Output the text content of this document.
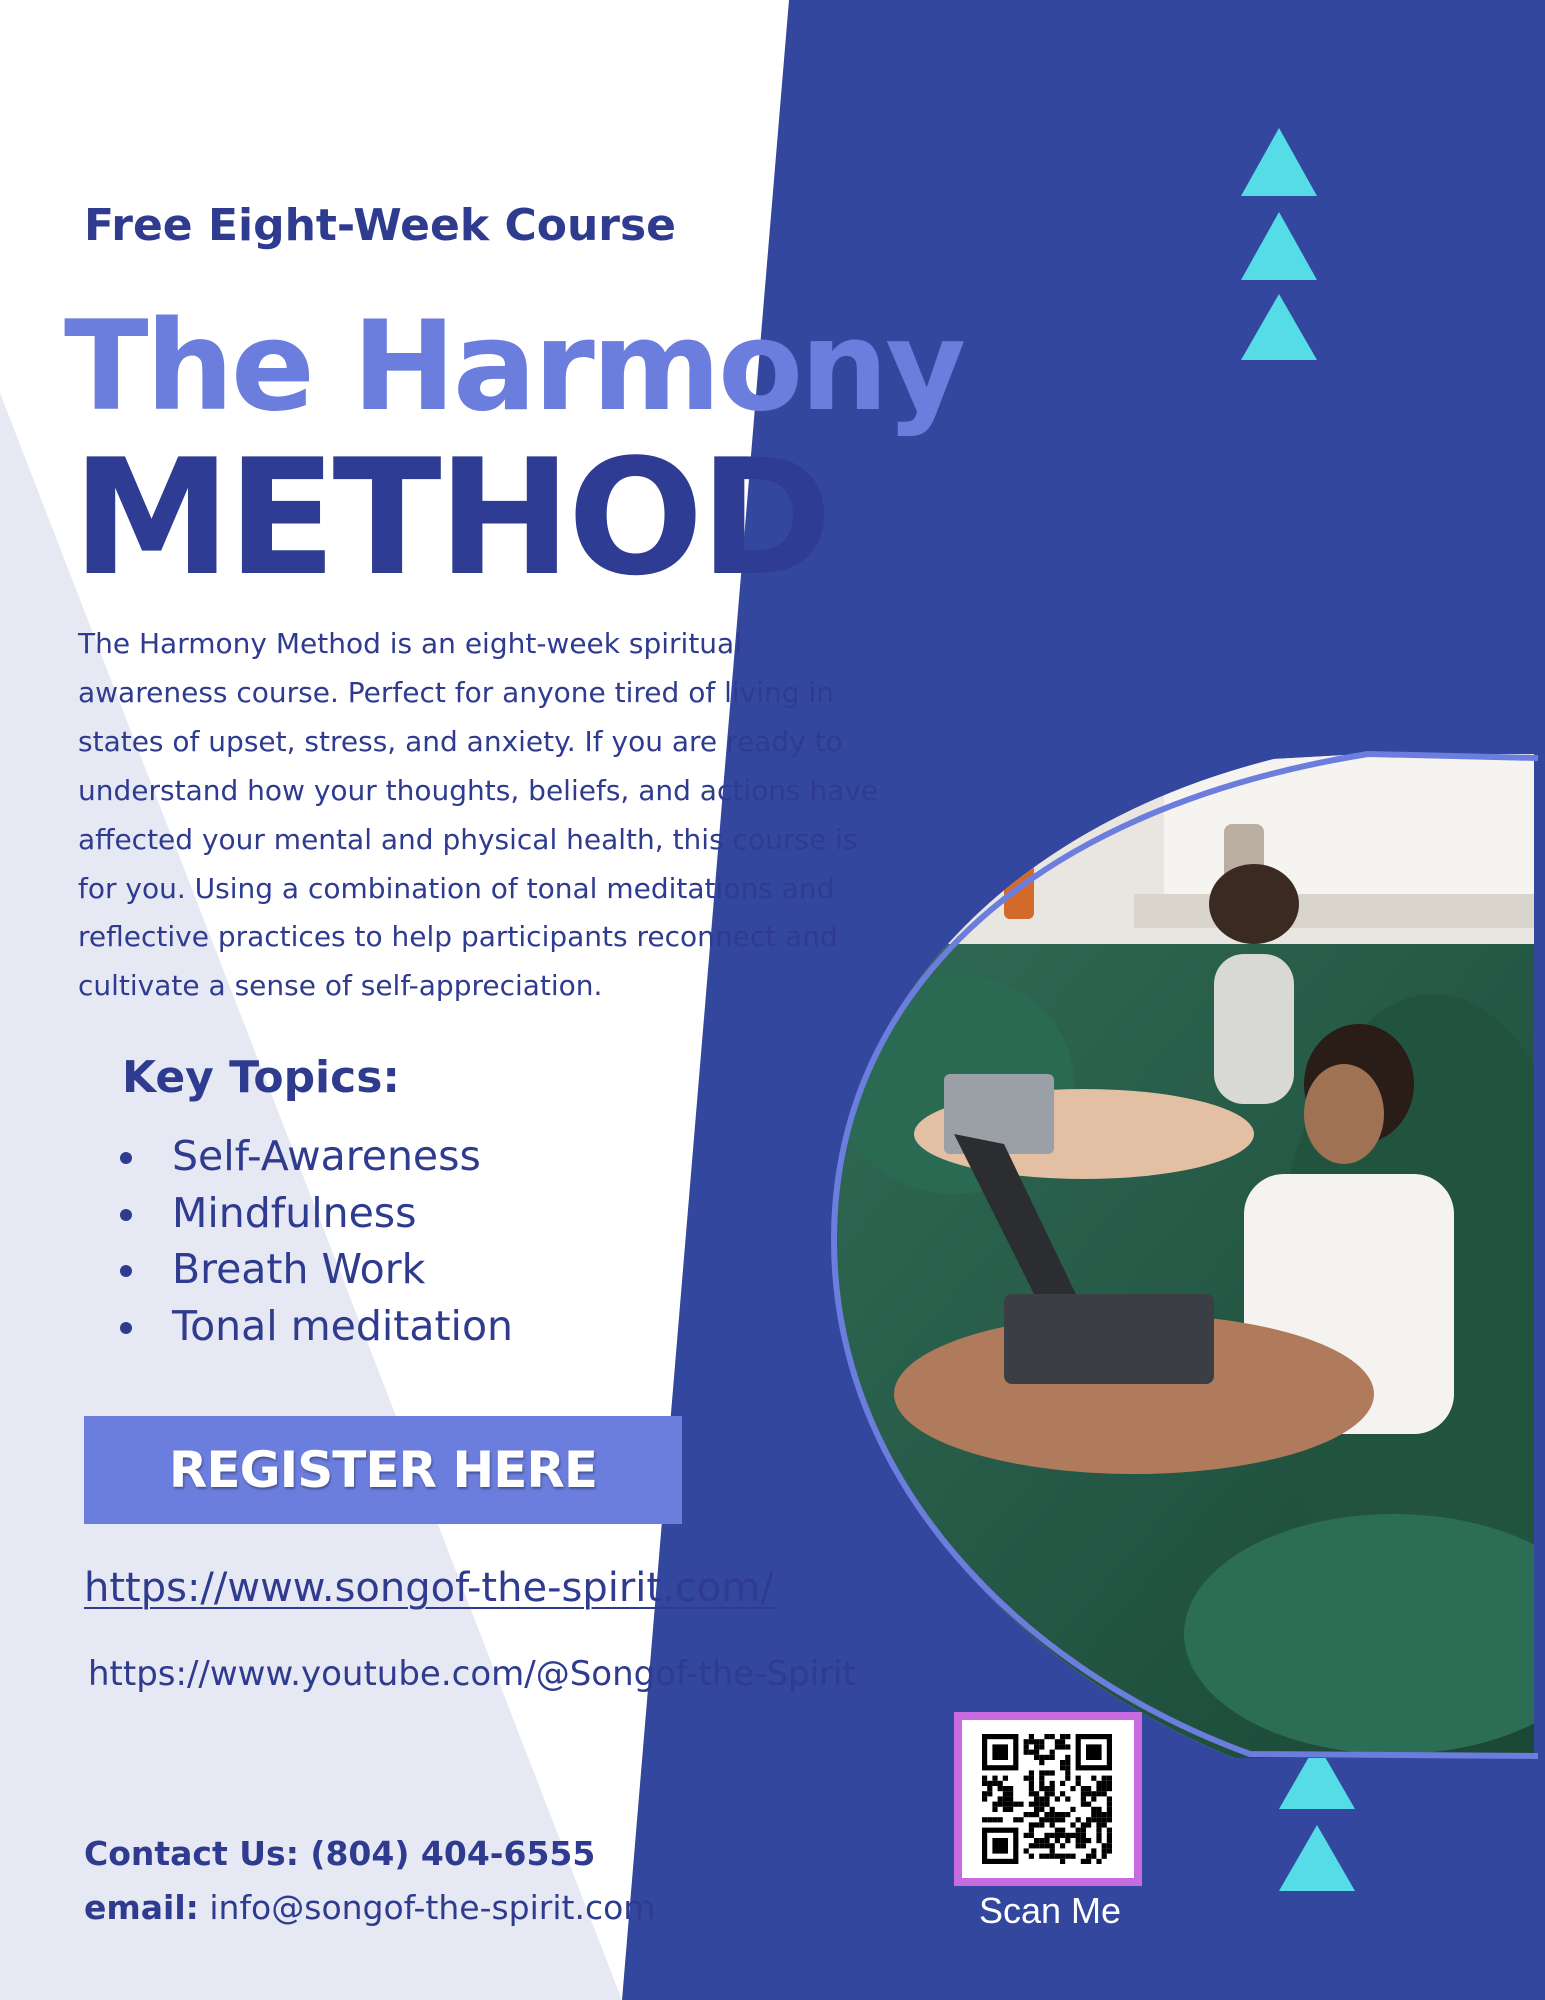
Free Eight-Week Course
The Harmony
METHOD
The Harmony Method is an eight-week spiritual
awareness course. Perfect for anyone tired of living in
states of upset, stress, and anxiety. If you are ready to
understand how your thoughts, beliefs, and actions have
affected your mental and physical health, this course is
for you. Using a combination of tonal meditations and
reflective practices to help participants reconnect and
cultivate a sense of self-appreciation.
Key Topics:
Self-Awareness
Mindfulness
Breath Work
Tonal meditation
REGISTER HERE
https://www.songof-the-spirit.com/
https://www.youtube.com/@Songof-the-Spirit
Contact Us: (804) 404-6555
email: info@songof-the-spirit.com	Scan Me
